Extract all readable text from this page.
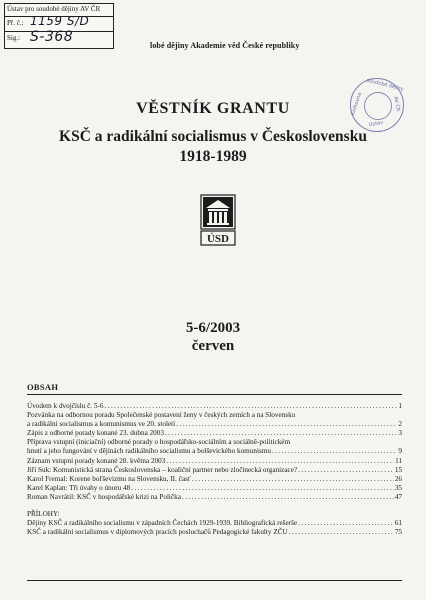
Ústav pro soudobé dějiny AV ČR
Př. č.: 1159 S/D
Sig.: S-368
lobé dějiny Akademie věd České republiky
soudobé dějiny
Knihovna	AV ČR
Ústav
VĚSTNÍK GRANTU
KSČ a radikální socialismus v Československu
1918-1989
ÚSD
5-6/2003
červen
OBSAH
Úvodem k dvojčíslu č. 5-6 . . .	1
Pozvánka na odbornou poradu Společenské postavení ženy v českých zemích a na Slovensku
a radikální socialismus a komunismus ve 20. století . . .	2
Zápis z odborné porady konané 23. dubna 2003 . . .	3
Příprava vstupní (iniciační) odborné porady o hospodářsko-sociálním a sociálně-politickém
hnutí a jeho fungování v dějinách radikálního socialismu a bolševického komunismu . . .	9
Záznam vstupní porady konané 28. května 2003 . . .	11
Jiří Suk: Komunistická strana Československa – koaliční partner nebo zločinecká organizace? . . .	15
Karol Fremal: Korene boľševizmu na Slovensku, II. časť . . .	26
Karel Kaplan: Tři úvahy o únoru 48 . . .	35
Roman Navrátil: KSČ v hospodářské krizi na Polička . . .	47
PŘÍLOHY:
Dějiny KSČ a radikálního socialismu v západních Čechách 1929-1939. Bibliografická rešerše . . .	61
KSČ a radikální socialismus v diplomových pracích posluchačů Pedagogické fakulty ZČU . . .	75
